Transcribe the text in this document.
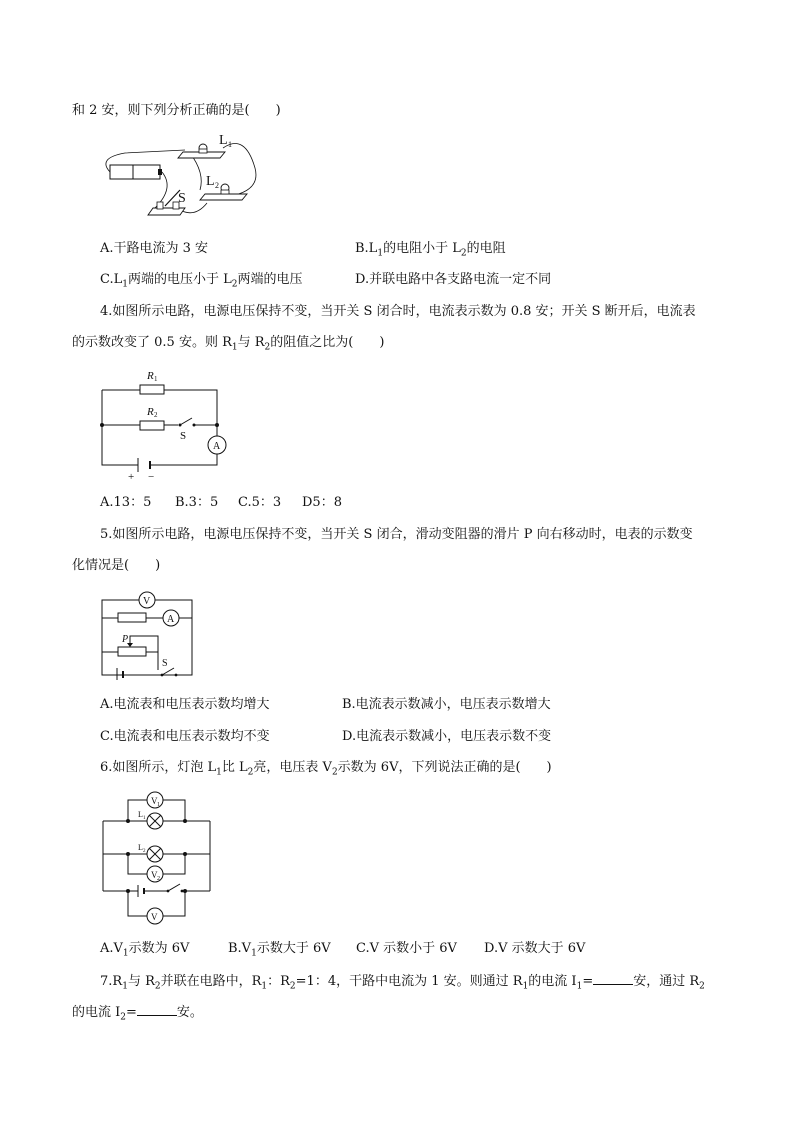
和 2 安，则下列分析正确的是(　　)
L 1
L 2
S
A.干路电流为 3 安	$B.L_1$的电阻小于 $L_2$的电阻
$C.L_1$两端的电压小于 $L_2$两端的电压	D.并联电路中各支路电流一定不同
4.如图所示电路，电源电压保持不变，当开关 S 闭合时，电流表示数为 0.8 安；开关 S 断开后，电流表
的示数改变了 0.5 安。则 $R_1$与 $R_2$的阻值之比为(　　)
R 1
R 2
S
A
+ −
A.13：5 B.3：5 C.5：3 D5：8
5.如图所示电路，电源电压保持不变，当开关 S 闭合，滑动变阻器的滑片 P 向右移动时，电表的示数变
化情况是(　　)
V
A
P
S
A.电流表和电压表示数均增大	B.电流表示数减小，电压表示数增大
C.电流表和电压表示数均不变	D.电流表示数减小，电压表示数不变
6.如图所示，灯泡 $L_1$比 $L_2$亮，电压表 $V_2$示数为 6V，下列说法正确的是(　　)
V 1
L 1
L 2
V 2
V
$A.V_1$示数为 6V	$B.V_1$示数大于 6V C.V 示数小于 6V D.V 示数大于 6V
$7.R_1$与 $R_2$并联在电路中，$R_1$：$R_2=1$：4，干路中电流为 1 安。则通过 $R_1$的电流 $I_1=$	安，通过 $R_2$
的电流 $I_2=$	安。
